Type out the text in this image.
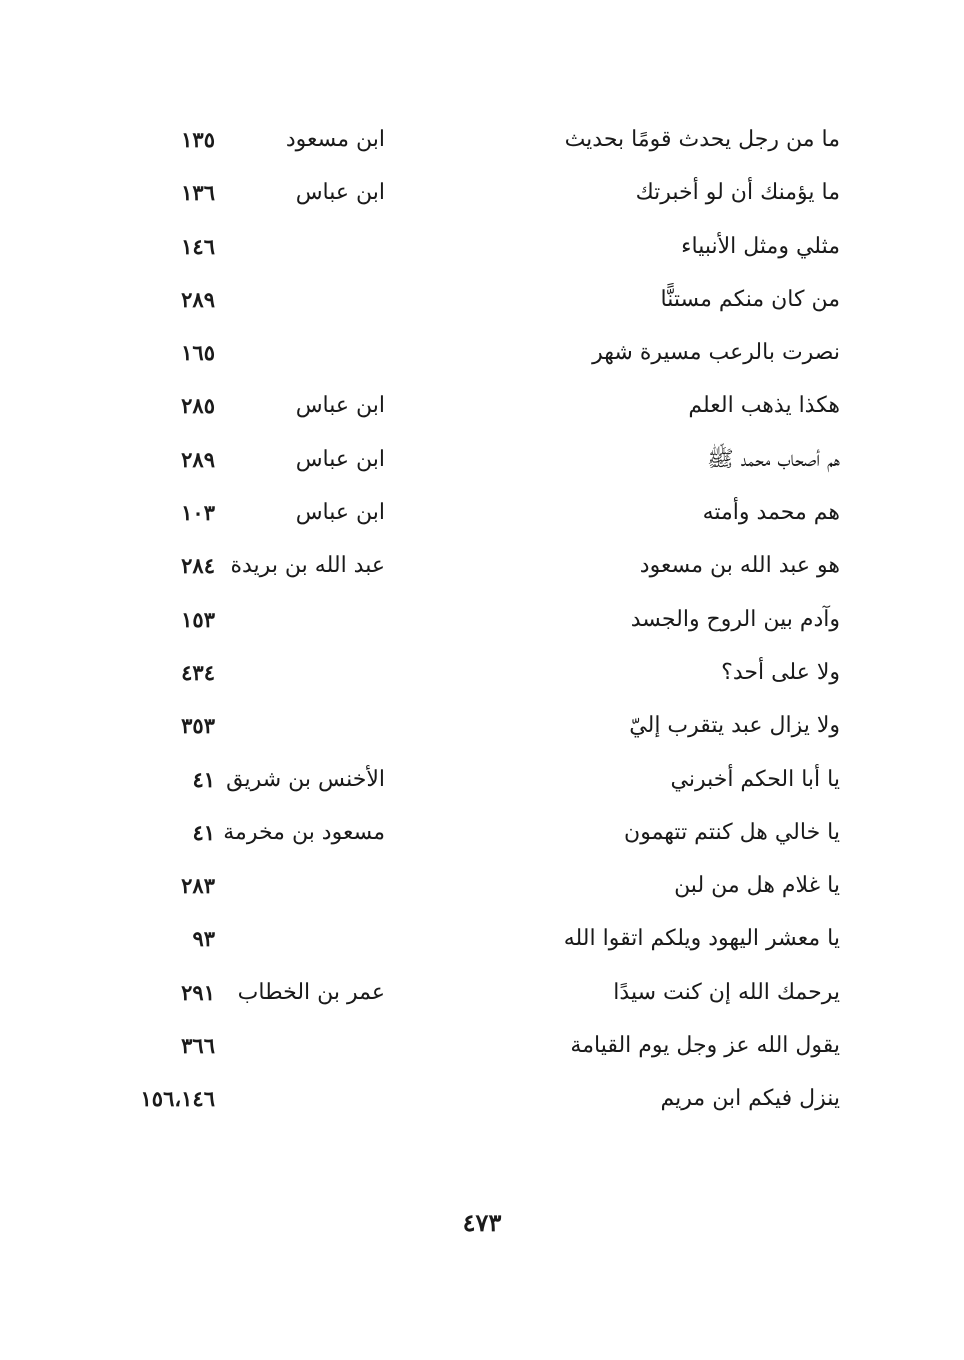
ما من رجل يحدث قومًا بحديث
ابن مسعود
١٣٥
ما يؤمنك أن لو أخبرتك
ابن عباس
١٣٦
مثلي ومثل الأنبياء
١٤٦
من كان منكم مستنًّا
٢٨٩
نصرت بالرعب مسيرة شهر
١٦٥
هكذا يذهب العلم
ابن عباس
٢٨٥
هم أصحاب محمد ﷺ
ابن عباس
٢٨٩
هم محمد وأمته
ابن عباس
١٠٣
هو عبد الله بن مسعود
عبد الله بن بريدة
٢٨٤
وآدم بين الروح والجسد
١٥٣
ولا على أحد؟
٤٣٤
ولا يزال عبد يتقرب إليّ
٣٥٣
يا أبا الحكم أخبرني
الأخنس بن شريق
٤١
يا خالي هل كنتم تتهمون
مسعود بن مخرمة
٤١
يا غلام هل من لبن
٢٨٣
يا معشر اليهود ويلكم اتقوا الله
٩٣
يرحمك الله إن كنت سيدًا
عمر بن الخطاب
٢٩١
يقول الله عز وجل يوم القيامة
٣٦٦
ينزل فيكم ابن مريم
١٥٦،١٤٦
٤٧٣
